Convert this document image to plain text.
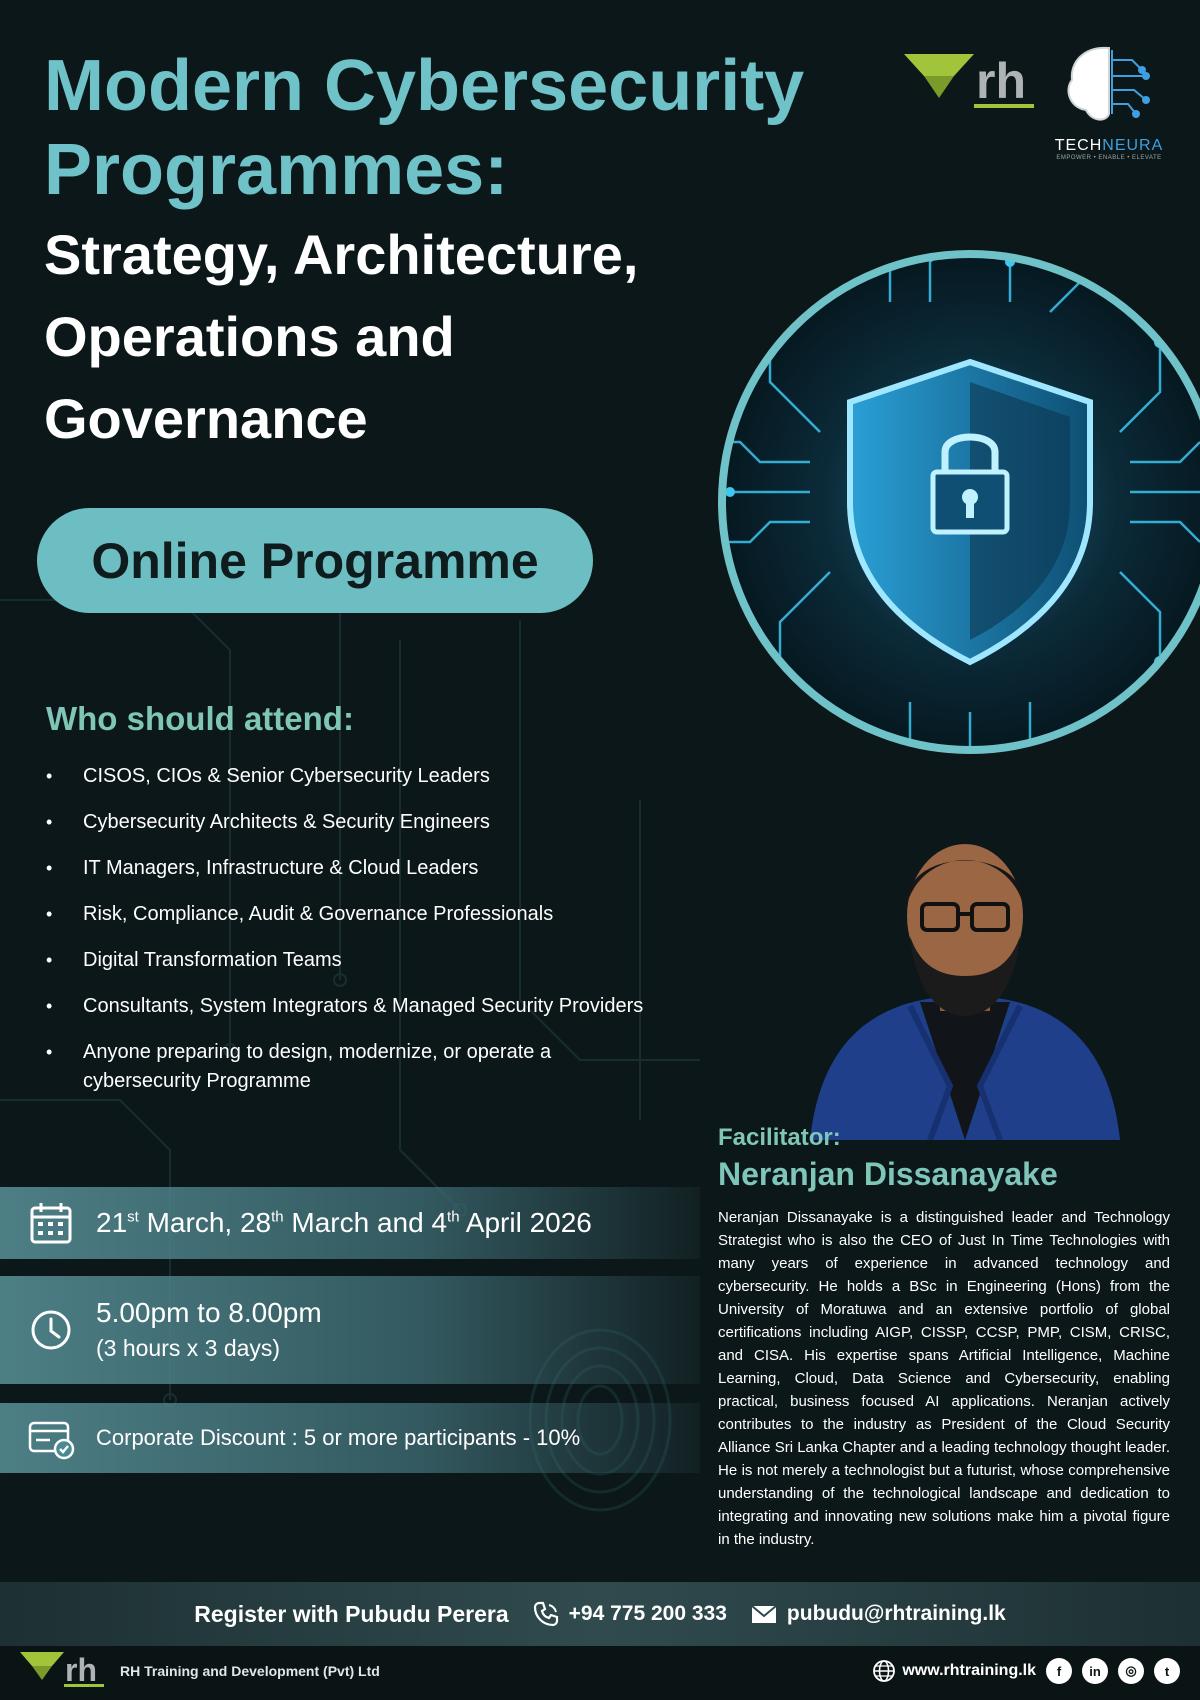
Modern Cybersecurity
Programmes:
Strategy, Architecture,
Operations and
Governance
Online Programme
rh
TECHNEURA
EMPOWER • ENABLE • ELEVATE
Who should attend:
• CISOS, CIOs & Senior Cybersecurity Leaders
• Cybersecurity Architects & Security Engineers
• IT Managers, Infrastructure & Cloud Leaders
• Risk, Compliance, Audit & Governance Professionals
• Digital Transformation Teams
• Consultants, System Integrators & Managed Security Providers
• Anyone preparing to design, modernize, or operate a cybersecurity Programme
21st March, 28th March and 4th April 2026
5.00pm to 8.00pm
(3 hours x 3 days)
Corporate Discount : 5 or more participants - 10%

Facilitator:

Neranjan Dissanayake

Neranjan Dissanayake is a distinguished leader and Technology Strategist who is also the CEO of Just In Time Technologies with many years of experience in advanced technology and cybersecurity. He holds a BSc in Engineering (Hons) from the University of Moratuwa and an extensive portfolio of global certifications including AIGP, CISSP, CCSP, PMP, CISM, CRISC, and CISA. His expertise spans Artificial Intelligence, Machine Learning, Cloud, Data Science and Cybersecurity, enabling practical, business focused AI applications. Neranjan actively contributes to the industry as President of the Cloud Security Alliance Sri Lanka Chapter and a leading technology thought leader. He is not merely a technologist but a futurist, whose comprehensive understanding of the technological landscape and dedication to integrating and innovating new solutions make him a pivotal figure in the industry.

Register with Pubudu Perera	+94 775 200 333	pubudu@rhtraining.lk
rh RH Training and Development (Pvt) Ltd	www.rhtraining.lk	f	in	◎	t
